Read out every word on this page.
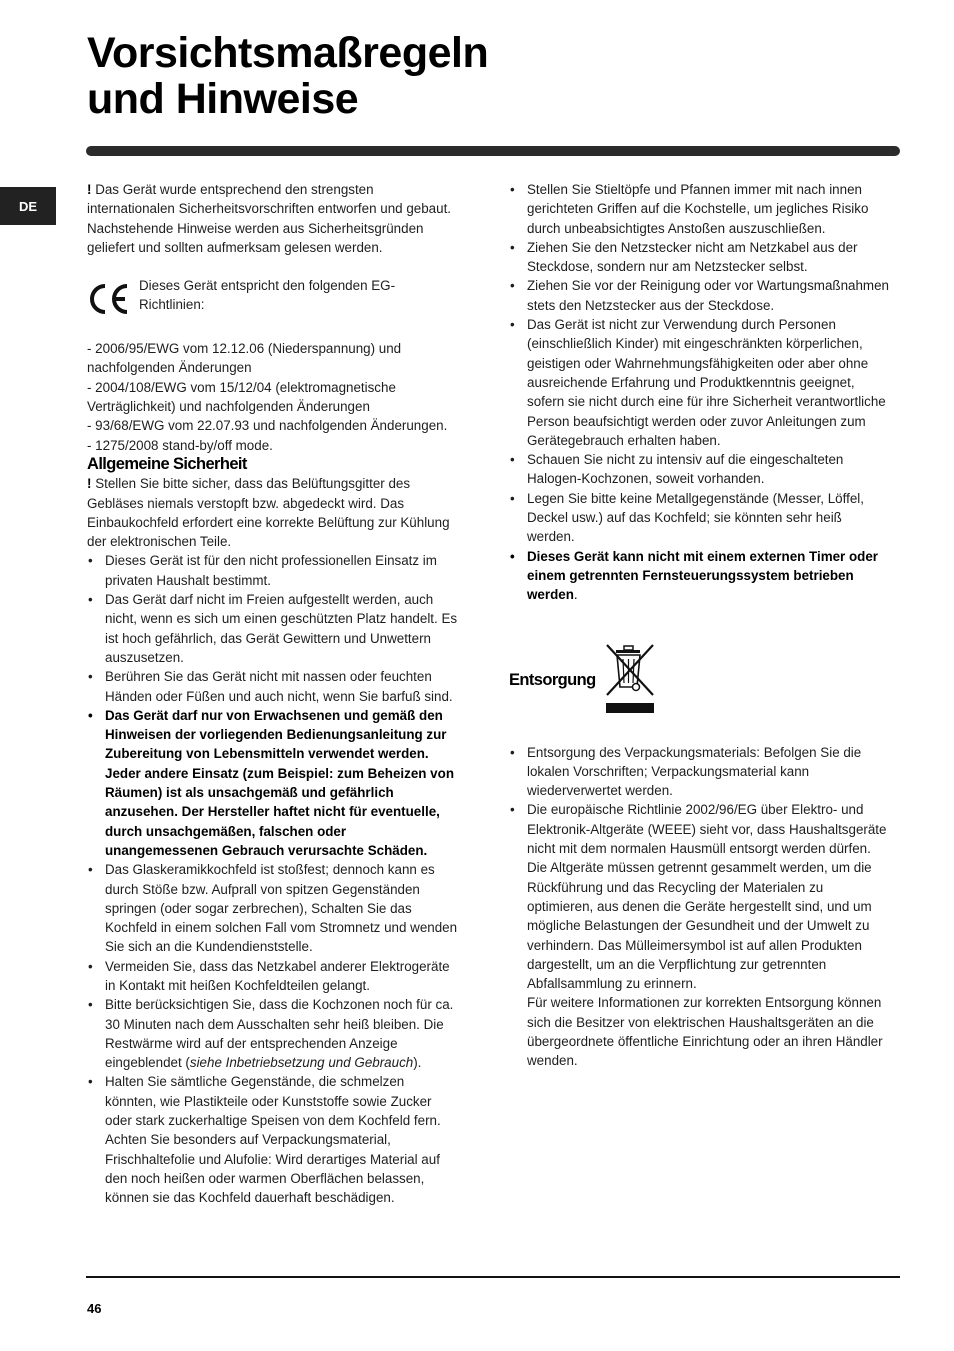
Vorsichtsmaßregeln
und Hinweise
DE

! Das Gerät wurde entsprechend den strengsten internationalen Sicherheitsvorschriften entworfen und gebaut. Nachstehende Hinweise werden aus Sicherheitsgründen geliefert und sollten aufmerksam gelesen werden.

Dieses Gerät entspricht den folgenden EG-Richtlinien:

- 2006/95/EWG vom 12.12.06 (Niederspannung) und nachfolgenden Änderungen
- 2004/108/EWG vom 15/12/04 (elektromagnetische Verträglichkeit) und nachfolgenden Änderungen
- 93/68/EWG vom 22.07.93 und nachfolgenden Änderungen.
- 1275/2008 stand-by/off mode.
Allgemeine Sicherheit

! Stellen Sie bitte sicher, dass das Belüftungsgitter des Gebläses niemals verstopft bzw. abgedeckt wird. Das Einbaukochfeld erfordert eine korrekte Belüftung zur Kühlung der elektronischen Teile.

• Dieses Gerät ist für den nicht professionellen Einsatz im privaten Haushalt bestimmt.
• Das Gerät darf nicht im Freien aufgestellt werden, auch nicht, wenn es sich um einen geschützten Platz handelt. Es ist hoch gefährlich, das Gerät Gewittern und Unwettern auszusetzen.
• Berühren Sie das Gerät nicht mit nassen oder feuchten Händen oder Füßen und auch nicht, wenn Sie barfuß sind.
• Das Gerät darf nur von Erwachsenen und gemäß den Hinweisen der vorliegenden Bedienungsanleitung zur Zubereitung von Lebensmitteln verwendet werden. Jeder andere Einsatz (zum Beispiel: zum Beheizen von Räumen) ist als unsachgemäß und gefährlich anzusehen. Der Hersteller haftet nicht für eventuelle, durch unsachgemäßen, falschen oder unangemessenen Gebrauch verursachte Schäden.
• Das Glaskeramikkochfeld ist stoßfest; dennoch kann es durch Stöße bzw. Aufprall von spitzen Gegenständen springen (oder sogar zerbrechen), Schalten Sie das Kochfeld in einem solchen Fall vom Stromnetz und wenden Sie sich an die Kundendienststelle.
• Vermeiden Sie, dass das Netzkabel anderer Elektrogeräte in Kontakt mit heißen Kochfeldteilen gelangt.
• Bitte berücksichtigen Sie, dass die Kochzonen noch für ca. 30 Minuten nach dem Ausschalten sehr heiß bleiben. Die Restwärme wird auf der entsprechenden Anzeige eingeblendet (siehe Inbetriebsetzung und Gebrauch).
• Halten Sie sämtliche Gegenstände, die schmelzen könnten, wie Plastikteile oder Kunststoffe sowie Zucker oder stark zuckerhaltige Speisen von dem Kochfeld fern. Achten Sie besonders auf Verpackungsmaterial, Frischhaltefolie und Alufolie: Wird derartiges Material auf den noch heißen oder warmen Oberflächen belassen, können sie das Kochfeld dauerhaft beschädigen.
• Stellen Sie Stieltöpfe und Pfannen immer mit nach innen gerichteten Griffen auf die Kochstelle, um jegliches Risiko durch unbeabsichtigtes Anstoßen auszuschließen.
• Ziehen Sie den Netzstecker nicht am Netzkabel aus der Steckdose, sondern nur am Netzstecker selbst.
• Ziehen Sie vor der Reinigung oder vor Wartungsmaßnahmen stets den Netzstecker aus der Steckdose.
• Das Gerät ist nicht zur Verwendung durch Personen (einschließlich Kinder) mit eingeschränkten körperlichen, geistigen oder Wahrnehmungsfähigkeiten oder aber ohne ausreichende Erfahrung und Produktkenntnis geeignet, sofern sie nicht durch eine für ihre Sicherheit verantwortliche Person beaufsichtigt werden oder zuvor Anleitungen zum Gerätegebrauch erhalten haben.
• Schauen Sie nicht zu intensiv auf die eingeschalteten Halogen-Kochzonen, soweit vorhanden.
• Legen Sie bitte keine Metallgegenstände (Messer, Löffel, Deckel usw.) auf das Kochfeld; sie könnten sehr heiß werden.
• Dieses Gerät kann nicht mit einem externen Timer oder einem getrennten Fernsteuerungssystem betrieben werden.
Entsorgung
• Entsorgung des Verpackungsmaterials: Befolgen Sie die lokalen Vorschriften; Verpackungsmaterial kann wiederverwertet werden.
• Die europäische Richtlinie 2002/96/EG über Elektro- und Elektronik-Altgeräte (WEEE) sieht vor, dass Haushaltsgeräte nicht mit dem normalen Hausmüll entsorgt werden dürfen. Die Altgeräte müssen getrennt gesammelt werden, um die Rückführung und das Recycling der Materialen zu optimieren, aus denen die Geräte hergestellt sind, und um mögliche Belastungen der Gesundheit und der Umwelt zu verhindern. Das Mülleimersymbol ist auf allen Produkten dargestellt, um an die Verpflichtung zur getrennten Abfallsammlung zu erinnern.

Für weitere Informationen zur korrekten Entsorgung können sich die Besitzer von elektrischen Haushaltsgeräten an die übergeordnete öffentliche Einrichtung oder an ihren Händler wenden.

46
